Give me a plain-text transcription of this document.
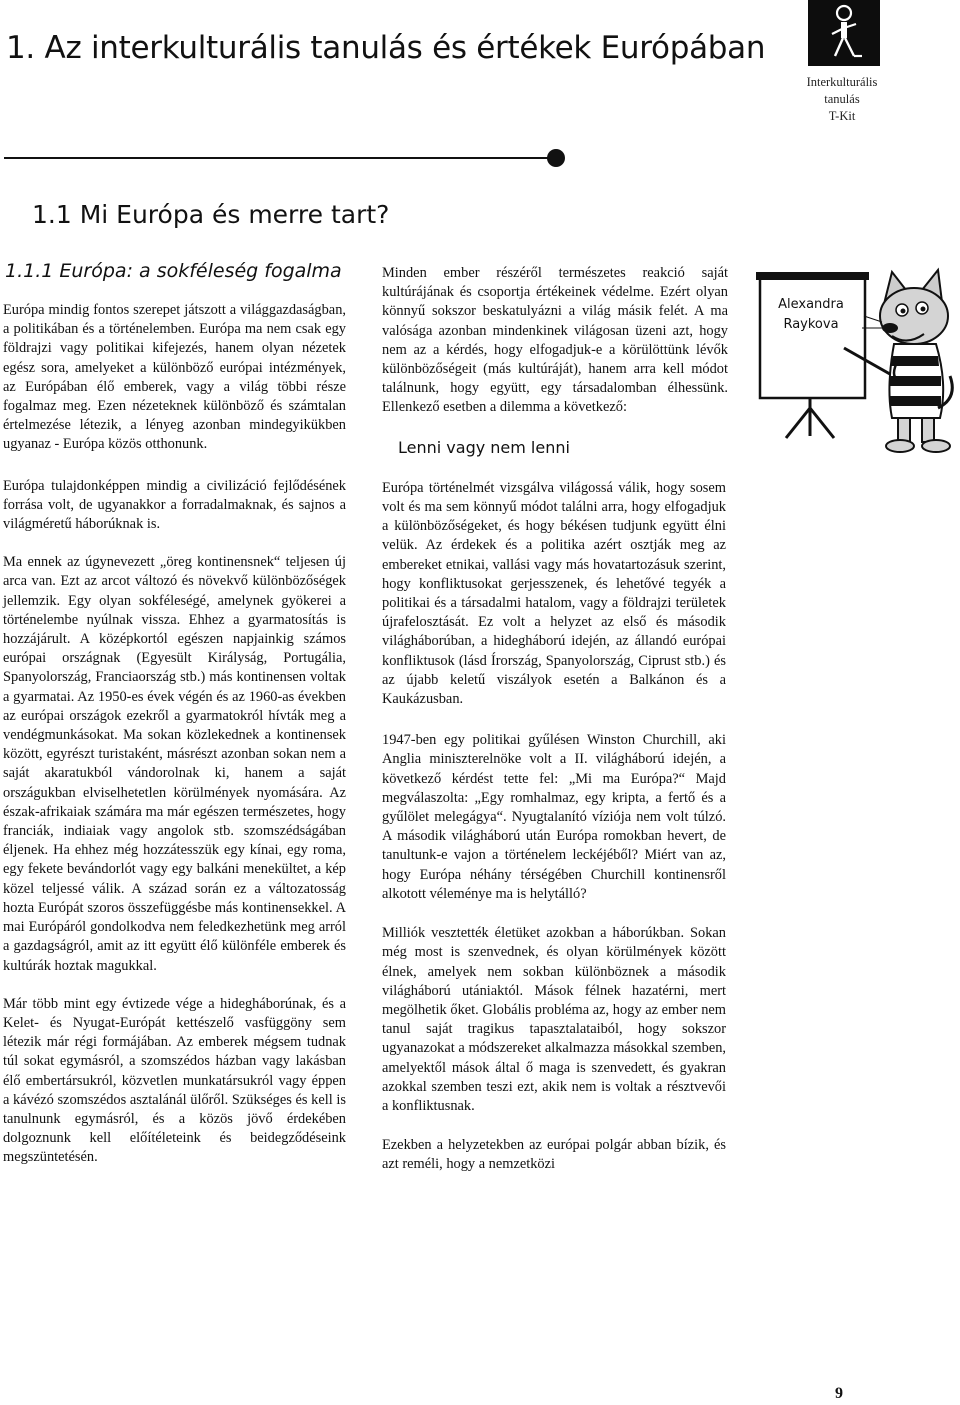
1. Az interkulturális tanulás és értékek Európában
Interkulturális
tanulás
T-Kit
1.1 Mi Európa és merre tart?
1.1.1 Európa: a sokféleség fogalma

Európa mindig fontos szerepet játszott a világgazdaságban, a politikában és a történelemben. Európa ma nem csak egy földrajzi vagy politikai kifejezés, hanem olyan nézetek egész sora, amelyeket a különböző európai intézmények, az Európában élő emberek, vagy a világ többi része fogalmaz meg. Ezen nézeteknek különböző és számtalan értelmezése létezik, a lényeg azonban mindegyikükben ugyanaz - Európa közös otthonunk.

Európa tulajdonképpen mindig a civilizáció fejlődésének forrása volt, de ugyanakkor a forradalmaknak, és sajnos a világméretű háborúknak is.

Ma ennek az úgynevezett „öreg kontinensnek“ teljesen új arca van. Ezt az arcot változó és növekvő különbözőségek jellemzik. Egy olyan sokféleségé, amelynek gyökerei a történelembe nyúlnak vissza. Ehhez a gyarmatosítás is hozzájárult. A középkortól egészen napjainkig számos európai országnak (Egyesült Királyság, Portugália, Spanyolország, Franciaország stb.) más kontinensen voltak a gyarmatai. Az 1950-es évek végén és az 1960-as években az európai országok ezekről a gyarmatokról hívták meg a vendégmunkásokat. Ma sokan közlekednek a kontinensek között, egyrészt turistaként, másrészt azonban sokan nem a saját akaratukból vándorolnak ki, hanem a saját országukban elviselhetetlen körülmények nyomására. Az észak-afrikaiak számára ma már egészen természetes, hogy franciák, indiaiak vagy angolok stb. szomszédságában éljenek. Ha ehhez még hozzátesszük egy kínai, egy roma, egy fekete bevándorlót vagy egy balkáni menekültet, a kép közel teljessé válik. A század során ez a változatosság hozta Európát szoros összefüggésbe más kontinensekkel. A mai Európáról gondolkodva nem feledkezhetünk meg arról a gazdagságról, amit az itt együtt élő különféle emberek és kultúrák hoztak magukkal.

Már több mint egy évtizede vége a hidegháborúnak, és a Kelet- és Nyugat-Európát kettészelő vasfüggöny sem létezik már régi formájában. Az emberek mégsem tudnak túl sokat egymásról, a szomszédos házban vagy lakásban élő embertársukról, közvetlen munkatársukról vagy éppen a kávézó szomszédos asztalánál ülőről. Szükséges és kell is tanulnunk egymásról, és a közös jövő érdekében dolgoznunk kell előítéleteink és beidegződéseink megszüntetésén.

Minden ember részéről természetes reakció saját kultúrájának és csoportja értékeinek védelme. Ezért olyan könnyű sokszor beskatulyázni a világ másik felét. A ma valósága azonban mindenkinek világosan üzeni azt, hogy nem az a kérdés, hogy elfogadjuk-e a körülöttünk lévők különbözőségeit (más kultúráját), hanem arra kell módot találnunk, hogy együtt, egy társadalomban élhessünk. Ellenkező esetben a dilemma a következő:

Lenni vagy nem lenni

Európa történelmét vizsgálva világossá válik, hogy sosem volt és ma sem könnyű módot találni arra, hogy elfogadjuk a különbözőségeket, és hogy békésen tudjunk együtt élni velük. Az érdekek és a politika azért osztják meg az embereket etnikai, vallási vagy más hovatartozásuk szerint, hogy konfliktusokat gerjesszenek, és lehetővé tegyék a politikai és a társadalmi hatalom, vagy a földrajzi területek újrafelosztását. Ez volt a helyzet az első és második világháborúban, a hidegháború idején, az állandó európai konfliktusok (lásd Írország, Spanyolország, Ciprust stb.) és az újabb keletű viszályok esetén a Balkánon és a Kaukázusban.

1947-ben egy politikai gyűlésen Winston Churchill, aki Anglia miniszterelnöke volt a II. világháború idején, a következő kérdést tette fel: „Mi ma Európa?“ Majd megválaszolta: „Egy romhalmaz, egy kripta, a fertő és a gyűlölet melegágya“. Nyugtalanító víziója nem volt túlzó. A második világháború után Európa romokban hevert, de tanultunk-e vajon a történelem leckéjéből? Miért van az, hogy Európa néhány térségében Churchill kontinensről alkotott véleménye ma is helytálló?

Milliók vesztették életüket azokban a háborúkban. Sokan még most is szenvednek, és olyan körülmények között élnek, amelyek nem sokban különböznek a második világháború utániaktól. Mások félnek hazatérni, mert megölhetik őket. Globális probléma az, hogy az ember nem tanul saját tragikus tapasztalataiból, hogy sokszor ugyanazokat a módszereket alkalmazza másokkal szemben, amelyektől mások által ő maga is szenvedett, és gyakran azokkal szemben teszi ezt, akik nem is voltak a résztvevői a konfliktusnak.

Ezekben a helyzetekben az európai polgár abban bízik, és azt reméli, hogy a nemzetközi

Alexandra
Raykova
9
